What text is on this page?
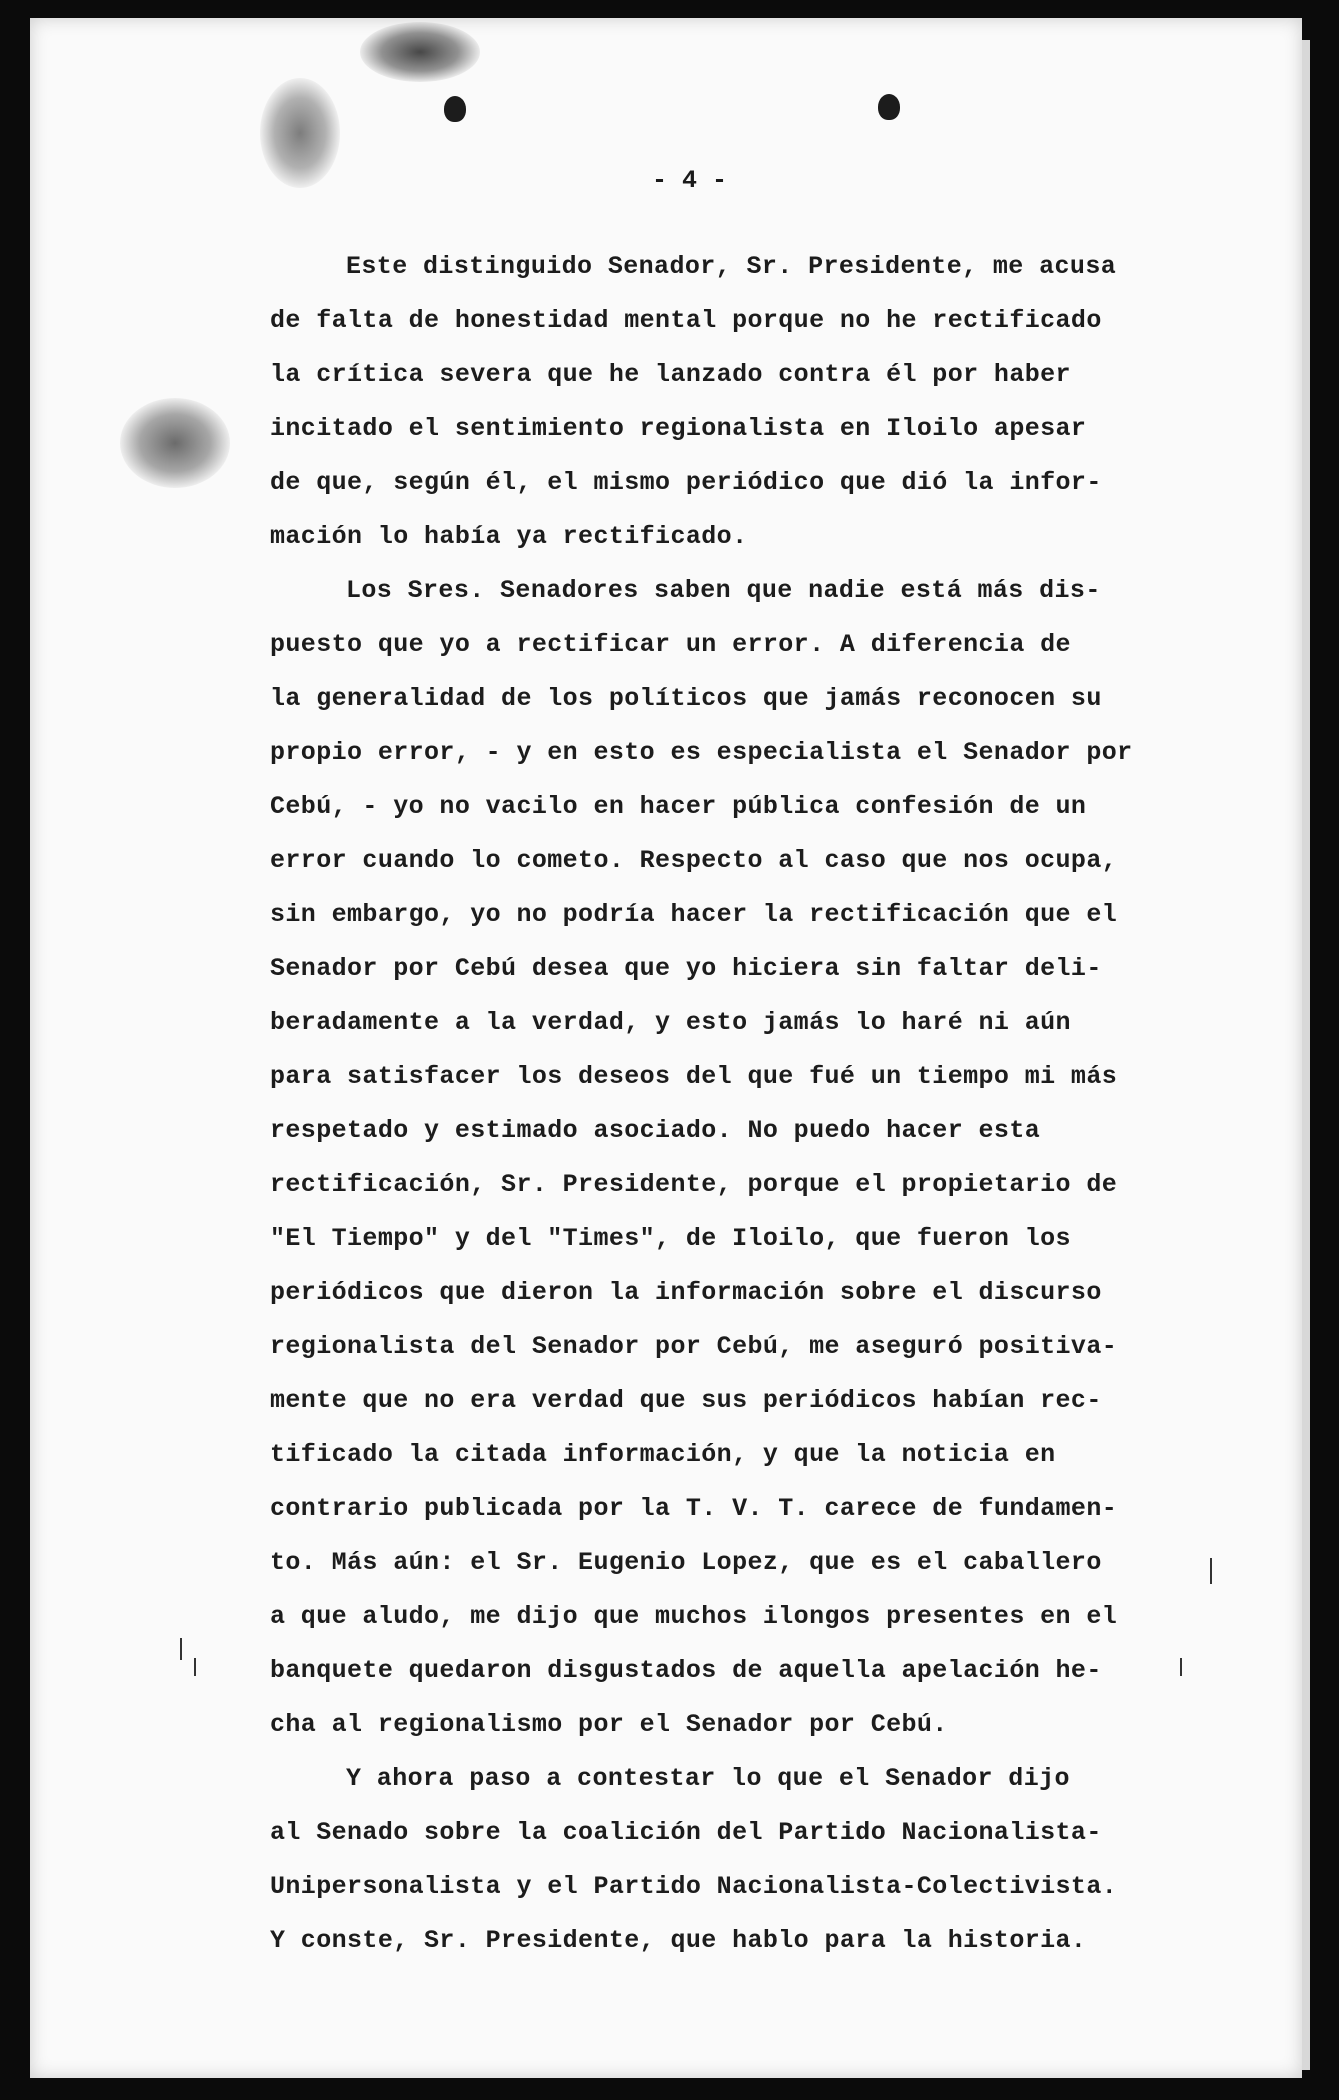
- 4 -
Este distinguido Senador, Sr. Presidente, me acusa
de falta de honestidad mental porque no he rectificado
la crítica severa que he lanzado contra él por haber
incitado el sentimiento regionalista en Iloilo apesar
de que, según él, el mismo periódico que dió la infor-
mación lo había ya rectificado.
Los Sres. Senadores saben que nadie está más dis-
puesto que yo a rectificar un error. A diferencia de
la generalidad de los políticos que jamás reconocen su
propio error, - y en esto es especialista el Senador por
Cebú, - yo no vacilo en hacer pública confesión de un
error cuando lo cometo. Respecto al caso que nos ocupa,
sin embargo, yo no podría hacer la rectificación que el
Senador por Cebú desea que yo hiciera sin faltar deli-
beradamente a la verdad, y esto jamás lo haré ni aún
para satisfacer los deseos del que fué un tiempo mi más
respetado y estimado asociado. No puedo hacer esta
rectificación, Sr. Presidente, porque el propietario de
"El Tiempo" y del "Times", de Iloilo, que fueron los
periódicos que dieron la información sobre el discurso
regionalista del Senador por Cebú, me aseguró positiva-
mente que no era verdad que sus periódicos habían rec-
tificado la citada información, y que la noticia en
contrario publicada por la T. V. T. carece de fundamen-
to. Más aún: el Sr. Eugenio Lopez, que es el caballero
a que aludo, me dijo que muchos ilongos presentes en el
banquete quedaron disgustados de aquella apelación he-
cha al regionalismo por el Senador por Cebú.
Y ahora paso a contestar lo que el Senador dijo
al Senado sobre la coalición del Partido Nacionalista-
Unipersonalista y el Partido Nacionalista-Colectivista.
Y conste, Sr. Presidente, que hablo para la historia.
